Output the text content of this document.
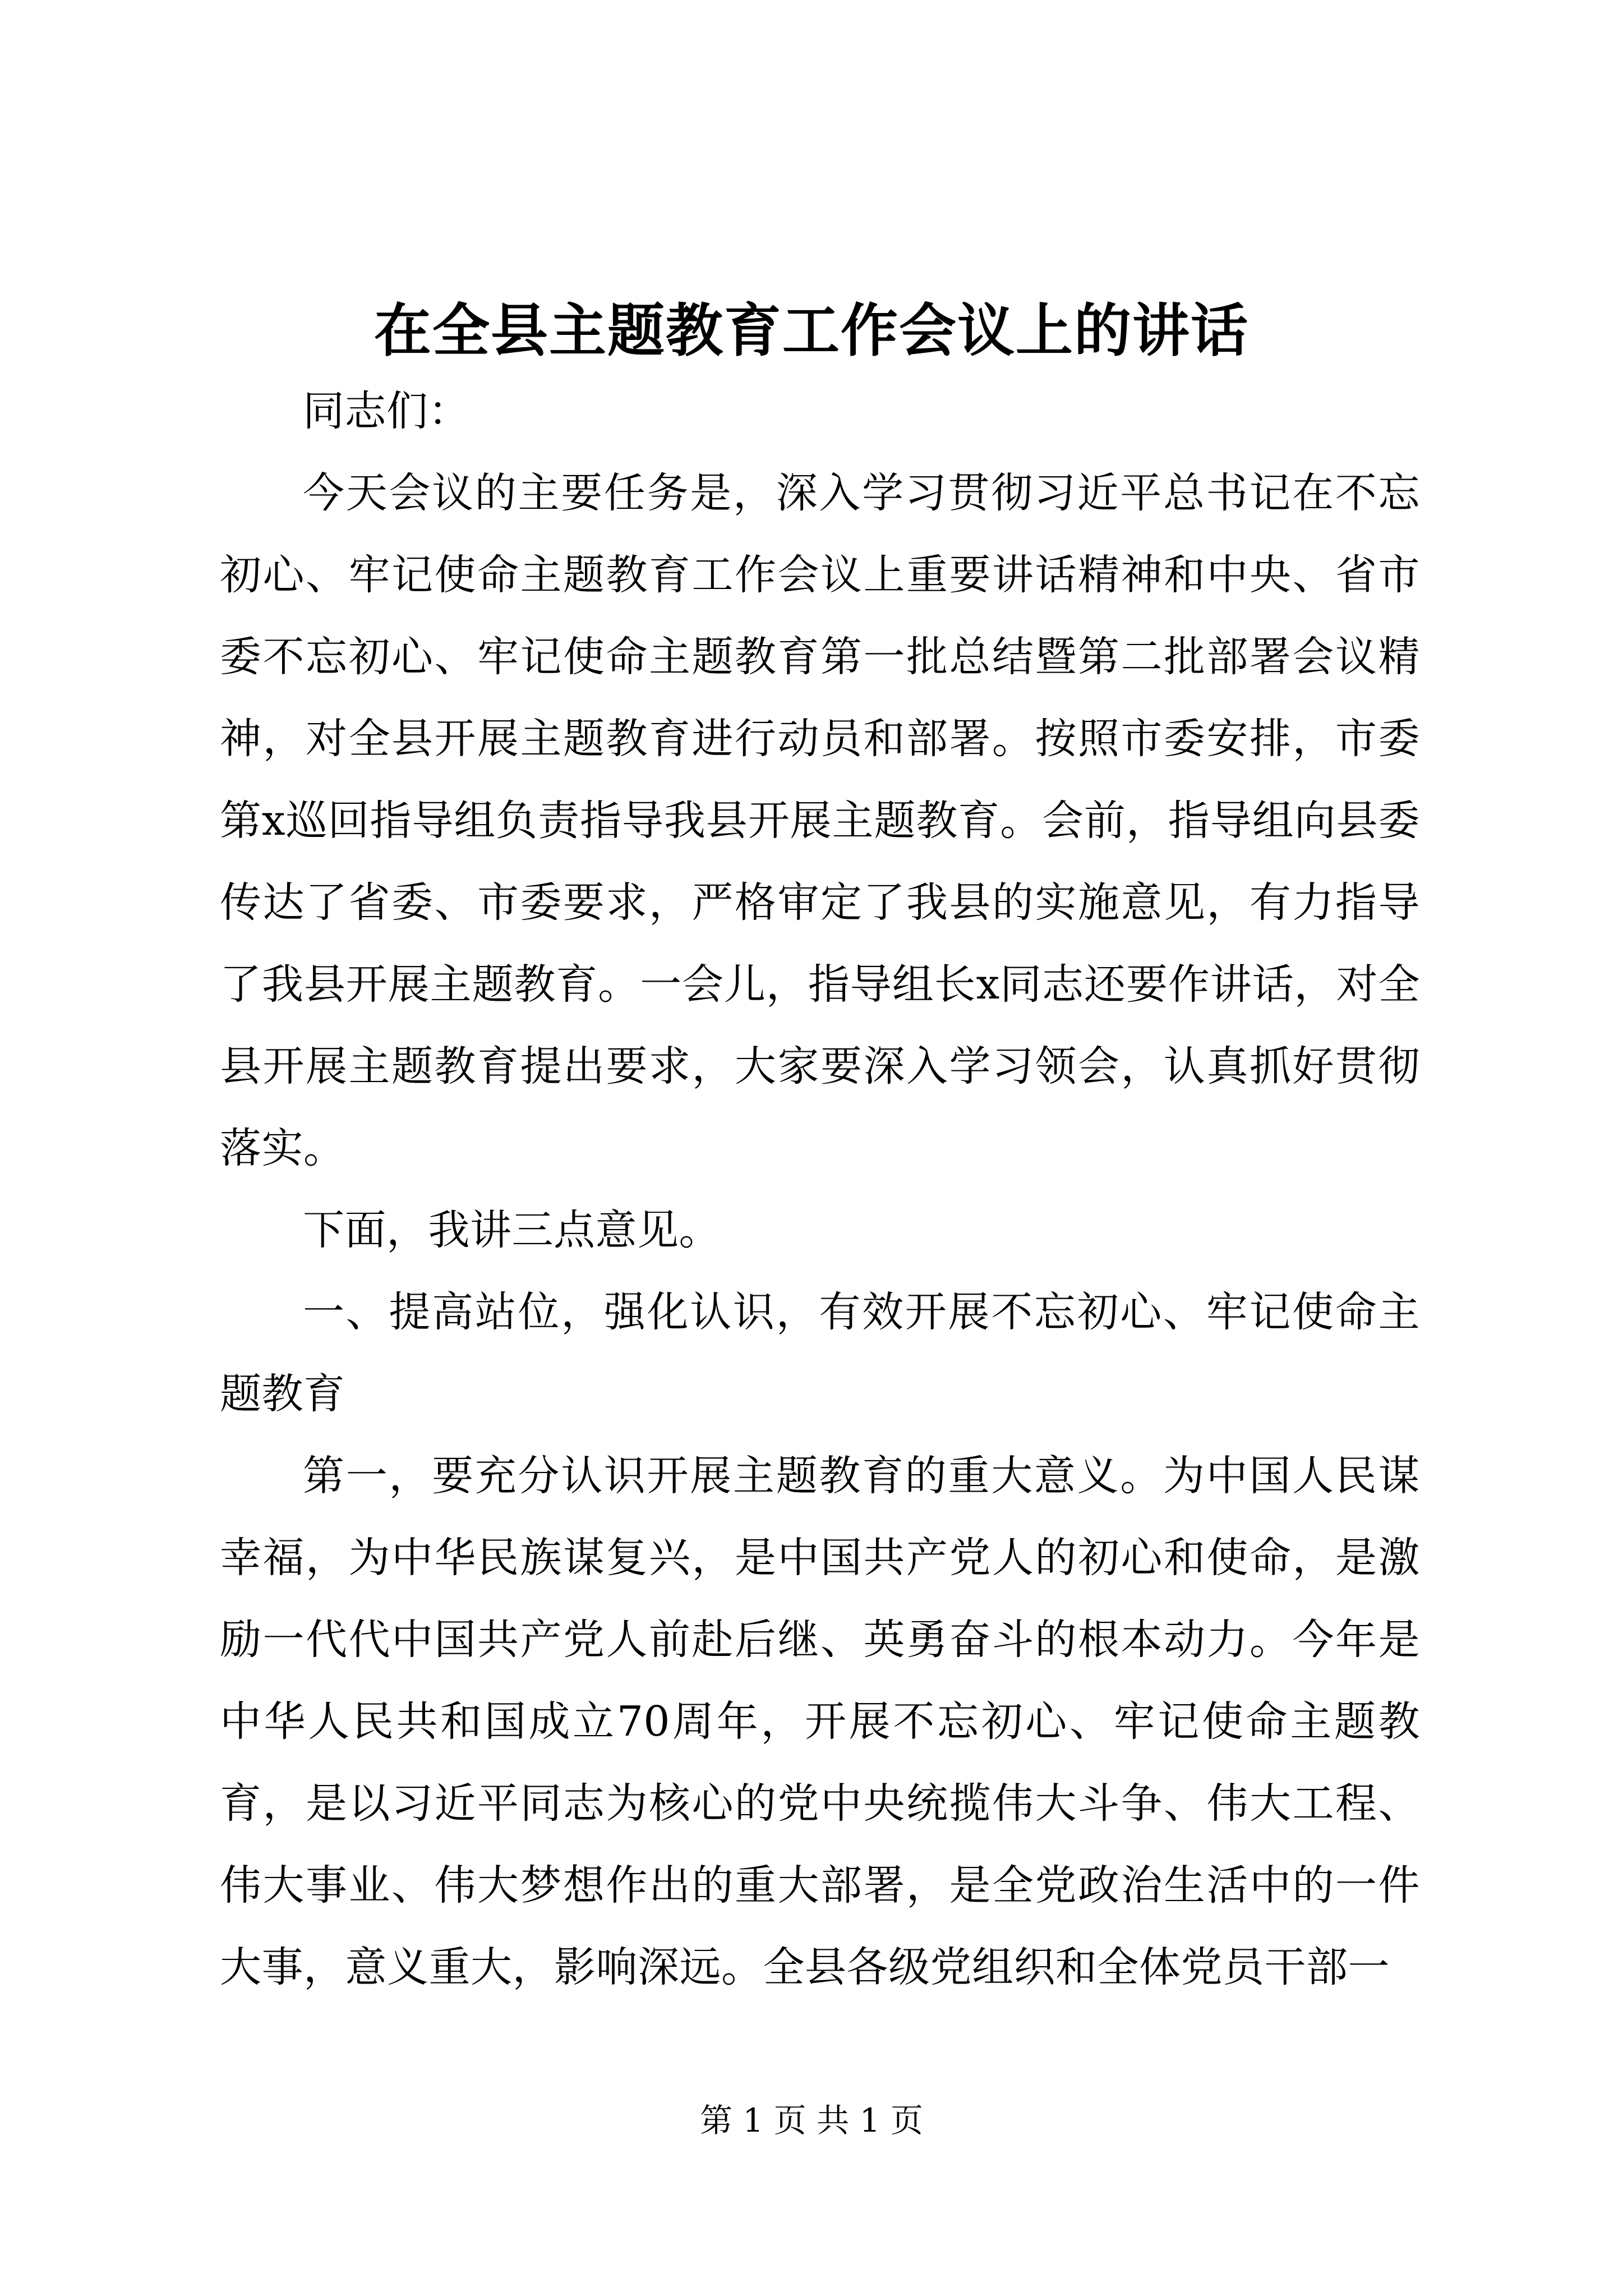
在全县主题教育工作会议上的讲话

同志们：

今天会议的主要任务是，深入学习贯彻习近平总书记在不忘初心、牢记使命主题教育工作会议上重要讲话精神和中央、省市委不忘初心、牢记使命主题教育第一批总结暨第二批部署会议精神，对全县开展主题教育进行动员和部署。按照市委安排，市委第x巡回指导组负责指导我县开展主题教育。会前，指导组向县委传达了省委、市委要求，严格审定了我县的实施意见，有力指导了我县开展主题教育。一会儿，指导组长x同志还要作讲话，对全县开展主题教育提出要求，大家要深入学习领会，认真抓好贯彻落实。

下面，我讲三点意见。

一、提高站位，强化认识，有效开展不忘初心、牢记使命主题教育

第一，要充分认识开展主题教育的重大意义。为中国人民谋幸福，为中华民族谋复兴，是中国共产党人的初心和使命，是激励一代代中国共产党人前赴后继、英勇奋斗的根本动力。今年是中华人民共和国成立70周年，开展不忘初心、牢记使命主题教育，是以习近平同志为核心的党中央统揽伟大斗争、伟大工程、伟大事业、伟大梦想作出的重大部署，是全党政治生活中的一件大事，意义重大，影响深远。全县各级党组织和全体党员干部一

第 1 页 共 1 页
